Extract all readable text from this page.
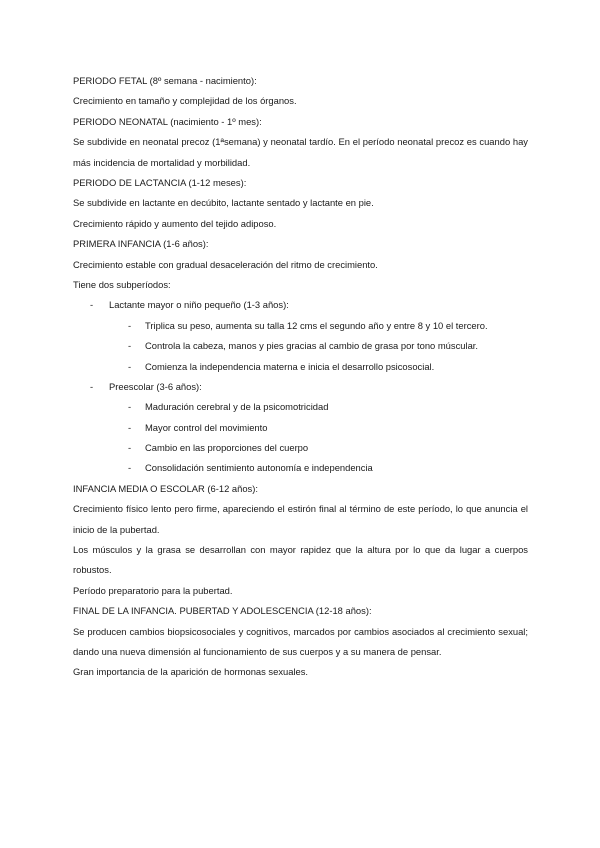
PERIODO FETAL (8º semana - nacimiento):
Crecimiento en tamaño y complejidad de los órganos.
PERIODO NEONATAL (nacimiento - 1º mes):
Se subdivide en neonatal precoz (1ªsemana) y neonatal tardío. En el período neonatal precoz es cuando hay más incidencia de mortalidad y morbilidad.
PERIODO DE LACTANCIA (1-12 meses):
Se subdivide en lactante en decúbito, lactante sentado y lactante en pie.
Crecimiento rápido y aumento del tejido adiposo.
PRIMERA INFANCIA (1-6 años):
Crecimiento estable con gradual desaceleración del ritmo de crecimiento.
Tiene dos subperíodos:
- Lactante mayor o niño pequeño (1-3 años):
- Triplica su peso, aumenta su talla 12 cms el segundo año y entre 8 y 10 el tercero.
- Controla la cabeza, manos y pies gracias al cambio de grasa por tono múscular.
- Comienza la independencia materna e inicia el desarrollo psicosocial.
- Preescolar (3-6 años):
- Maduración cerebral y de la psicomotricidad
- Mayor control del movimiento
- Cambio en las proporciones del cuerpo
- Consolidación sentimiento autonomía e independencia
INFANCIA MEDIA O ESCOLAR (6-12 años):
Crecimiento físico lento pero firme, apareciendo el estirón final al término de este período, lo que anuncia el inicio de la pubertad.
Los músculos y la grasa se desarrollan con mayor rapidez que la altura por lo que da lugar a cuerpos robustos.
Período preparatorio para la pubertad.
FINAL DE LA INFANCIA. PUBERTAD Y ADOLESCENCIA (12-18 años):
Se producen cambios biopsicosociales y cognitivos, marcados por cambios asociados al crecimiento sexual; dando una nueva dimensión al funcionamiento de sus cuerpos y a su manera de pensar.
Gran importancia de la aparición de hormonas sexuales.
